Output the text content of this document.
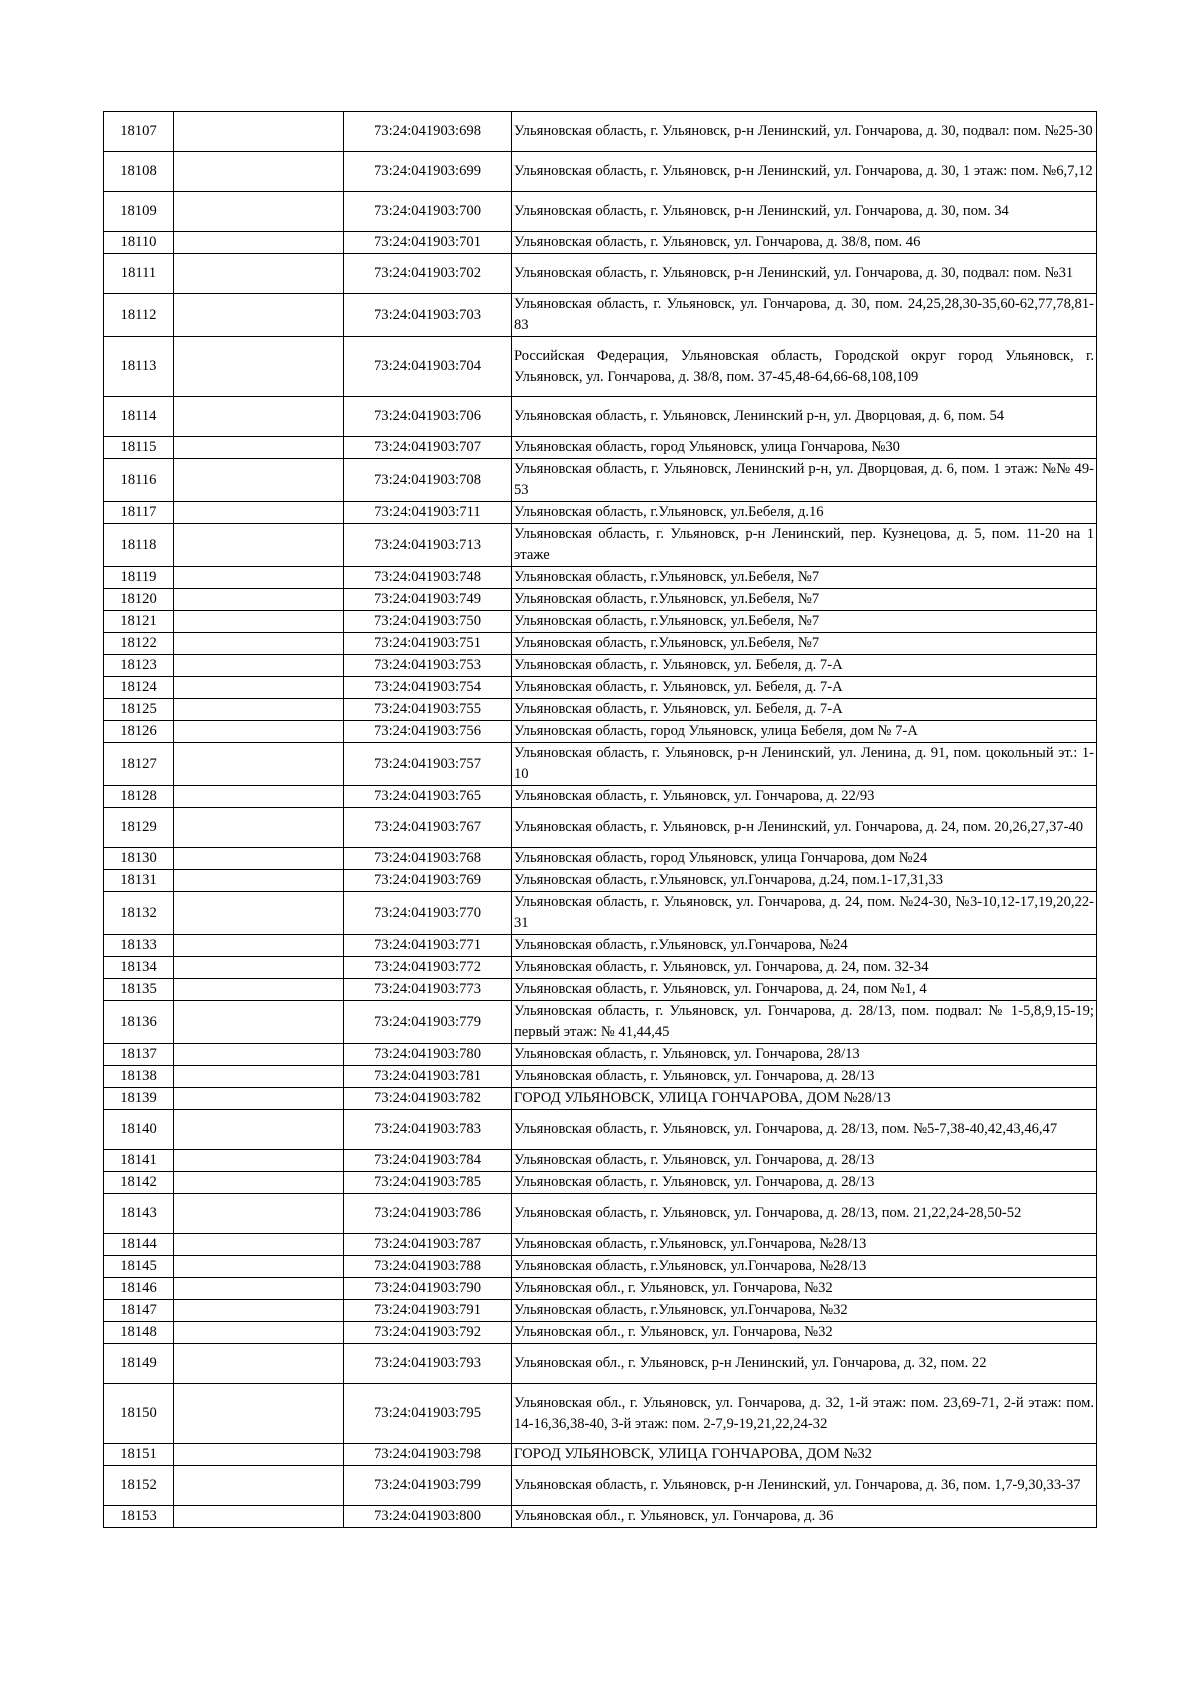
18107		73:24:041903:698	Ульяновская область, г. Ульяновск, р-н Ленинский, ул. Гончарова, д. 30, подвал: пом. №25-30
18108		73:24:041903:699	Ульяновская область, г. Ульяновск, р-н Ленинский, ул. Гончарова, д. 30, 1 этаж: пом. №6,7,12
18109		73:24:041903:700	Ульяновская область, г. Ульяновск, р-н Ленинский, ул. Гончарова, д. 30, пом. 34
18110		73:24:041903:701	Ульяновская область, г. Ульяновск, ул. Гончарова, д. 38/8, пом. 46
18111		73:24:041903:702	Ульяновская область, г. Ульяновск, р-н Ленинский, ул. Гончарова, д. 30, подвал: пом. №31
18112		73:24:041903:703	Ульяновская область, г. Ульяновск, ул. Гончарова, д. 30, пом. 24,25,28,30-35,60-62,77,78,81-83
18113		73:24:041903:704	Российская Федерация, Ульяновская область, Городской округ город Ульяновск, г. Ульяновск, ул. Гончарова, д. 38/8, пом. 37-45,48-64,66-68,108,109
18114		73:24:041903:706	Ульяновская область, г. Ульяновск, Ленинский р-н, ул. Дворцовая, д. 6, пом. 54
18115		73:24:041903:707	Ульяновская область, город Ульяновск, улица Гончарова, №30
18116		73:24:041903:708	Ульяновская область, г. Ульяновск, Ленинский р-н, ул. Дворцовая, д. 6, пом. 1 этаж: №№ 49-53
18117		73:24:041903:711	Ульяновская область, г.Ульяновск, ул.Бебеля, д.16
18118		73:24:041903:713	Ульяновская область, г. Ульяновск, р-н Ленинский, пер. Кузнецова, д. 5, пом. 11-20 на 1 этаже
18119		73:24:041903:748	Ульяновская область, г.Ульяновск, ул.Бебеля, №7
18120		73:24:041903:749	Ульяновская область, г.Ульяновск, ул.Бебеля, №7
18121		73:24:041903:750	Ульяновская область, г.Ульяновск, ул.Бебеля, №7
18122		73:24:041903:751	Ульяновская область, г.Ульяновск, ул.Бебеля, №7
18123		73:24:041903:753	Ульяновская область, г. Ульяновск, ул. Бебеля, д. 7-А
18124		73:24:041903:754	Ульяновская область, г. Ульяновск, ул. Бебеля, д. 7-А
18125		73:24:041903:755	Ульяновская область, г. Ульяновск, ул. Бебеля, д. 7-А
18126		73:24:041903:756	Ульяновская область, город Ульяновск, улица Бебеля, дом № 7-А
18127		73:24:041903:757	Ульяновская область, г. Ульяновск, р-н Ленинский, ул. Ленина, д. 91, пом. цокольный эт.: 1-10
18128		73:24:041903:765	Ульяновская область, г. Ульяновск, ул. Гончарова, д. 22/93
18129		73:24:041903:767	Ульяновская область, г. Ульяновск, р-н Ленинский, ул. Гончарова, д. 24, пом. 20,26,27,37-40
18130		73:24:041903:768	Ульяновская область, город Ульяновск, улица Гончарова, дом №24
18131		73:24:041903:769	Ульяновская область, г.Ульяновск, ул.Гончарова, д.24, пом.1-17,31,33
18132		73:24:041903:770	Ульяновская область, г. Ульяновск, ул. Гончарова, д. 24, пом. №24-30, №3-10,12-17,19,20,22-31
18133		73:24:041903:771	Ульяновская область, г.Ульяновск, ул.Гончарова, №24
18134		73:24:041903:772	Ульяновская область, г. Ульяновск, ул. Гончарова, д. 24, пом. 32-34
18135		73:24:041903:773	Ульяновская область, г. Ульяновск, ул. Гончарова, д. 24, пом №1, 4
18136		73:24:041903:779	Ульяновская область, г. Ульяновск, ул. Гончарова, д. 28/13, пом. подвал: № 1-5,8,9,15-19; первый этаж: № 41,44,45
18137		73:24:041903:780	Ульяновская область, г. Ульяновск, ул. Гончарова, 28/13
18138		73:24:041903:781	Ульяновская область, г. Ульяновск, ул. Гончарова, д. 28/13
18139		73:24:041903:782	ГОРОД УЛЬЯНОВСК, УЛИЦА ГОНЧАРОВА, ДОМ №28/13
18140		73:24:041903:783	Ульяновская область, г. Ульяновск, ул. Гончарова, д. 28/13, пом. №5-7,38-40,42,43,46,47
18141		73:24:041903:784	Ульяновская область, г. Ульяновск, ул. Гончарова, д. 28/13
18142		73:24:041903:785	Ульяновская область, г. Ульяновск, ул. Гончарова, д. 28/13
18143		73:24:041903:786	Ульяновская область, г. Ульяновск, ул. Гончарова, д. 28/13, пом. 21,22,24-28,50-52
18144		73:24:041903:787	Ульяновская область, г.Ульяновск, ул.Гончарова, №28/13
18145		73:24:041903:788	Ульяновская область, г.Ульяновск, ул.Гончарова, №28/13
18146		73:24:041903:790	Ульяновская обл., г. Ульяновск, ул. Гончарова, №32
18147		73:24:041903:791	Ульяновская область, г.Ульяновск, ул.Гончарова, №32
18148		73:24:041903:792	Ульяновская обл., г. Ульяновск, ул. Гончарова, №32
18149		73:24:041903:793	Ульяновская обл., г. Ульяновск, р-н Ленинский, ул. Гончарова, д. 32, пом. 22
18150		73:24:041903:795	Ульяновская обл., г. Ульяновск, ул. Гончарова, д. 32, 1-й этаж: пом. 23,69-71, 2-й этаж: пом. 14-16,36,38-40, 3-й этаж: пом. 2-7,9-19,21,22,24-32
18151		73:24:041903:798	ГОРОД УЛЬЯНОВСК, УЛИЦА ГОНЧАРОВА, ДОМ №32
18152		73:24:041903:799	Ульяновская область, г. Ульяновск, р-н Ленинский, ул. Гончарова, д. 36, пом. 1,7-9,30,33-37
18153		73:24:041903:800	Ульяновская обл., г. Ульяновск, ул. Гончарова, д. 36
